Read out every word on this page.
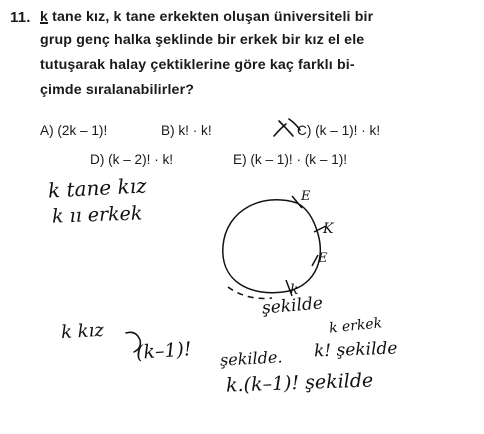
11. k tane kız, k tane erkekten oluşan üniversiteli bir
grup genç halka şeklinde bir erkek bir kız el ele
tutuşarak halay çektiklerine göre kaç farklı bi-
çimde sıralanabilirler?
A) (2k – 1)!	B) k! · k!	C) (k – 1)! · k!
D) (k – 2)! · k!	E) (k – 1)! · (k – 1)!
k tane kız
k ıı erkek
şekilde
k erkek
k kız
(k–1)! şekilde. k! şekilde
k.(k–1)! şekilde
E
K
E
k
